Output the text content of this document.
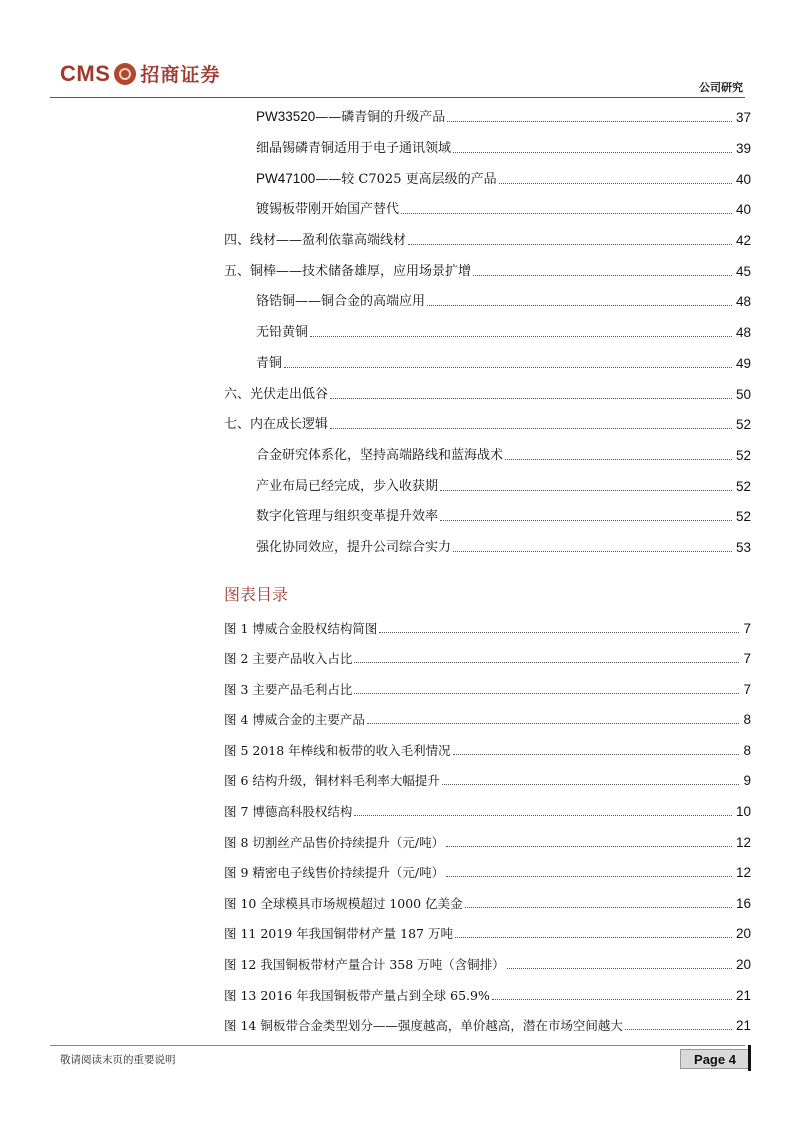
CMS 招商证券
公司研究
PW33520——磷青铜的升级产品	37
细晶锡磷青铜适用于电子通讯领域	39
PW47100——较 C7025 更高层级的产品	40
镀锡板带刚开始国产替代	40
四、线材——盈利依靠高端线材	42
五、铜棒——技术储备雄厚，应用场景扩增	45
铬锆铜——铜合金的高端应用	48
无铅黄铜	48
青铜	49
六、光伏走出低谷	50
七、内在成长逻辑	52
合金研究体系化，坚持高端路线和蓝海战术	52
产业布局已经完成，步入收获期	52
数字化管理与组织变革提升效率	52
强化协同效应，提升公司综合实力	53
图表目录
图 1 博威合金股权结构简图	7
图 2 主要产品收入占比	7
图 3 主要产品毛利占比	7
图 4 博威合金的主要产品	8
图 5 2018 年棒线和板带的收入毛利情况	8
图 6 结构升级，铜材料毛利率大幅提升	9
图 7 博德高科股权结构	10
图 8 切割丝产品售价持续提升（元/吨）	12
图 9 精密电子线售价持续提升（元/吨）	12
图 10 全球模具市场规模超过 1000 亿美金	16
图 11 2019 年我国铜带材产量 187 万吨	20
图 12 我国铜板带材产量合计 358 万吨（含铜排）	20
图 13 2016 年我国铜板带产量占到全球 65.9%	21
图 14 铜板带合金类型划分——强度越高，单价越高，潜在市场空间越大	21
敬请阅读末页的重要说明	Page 4
